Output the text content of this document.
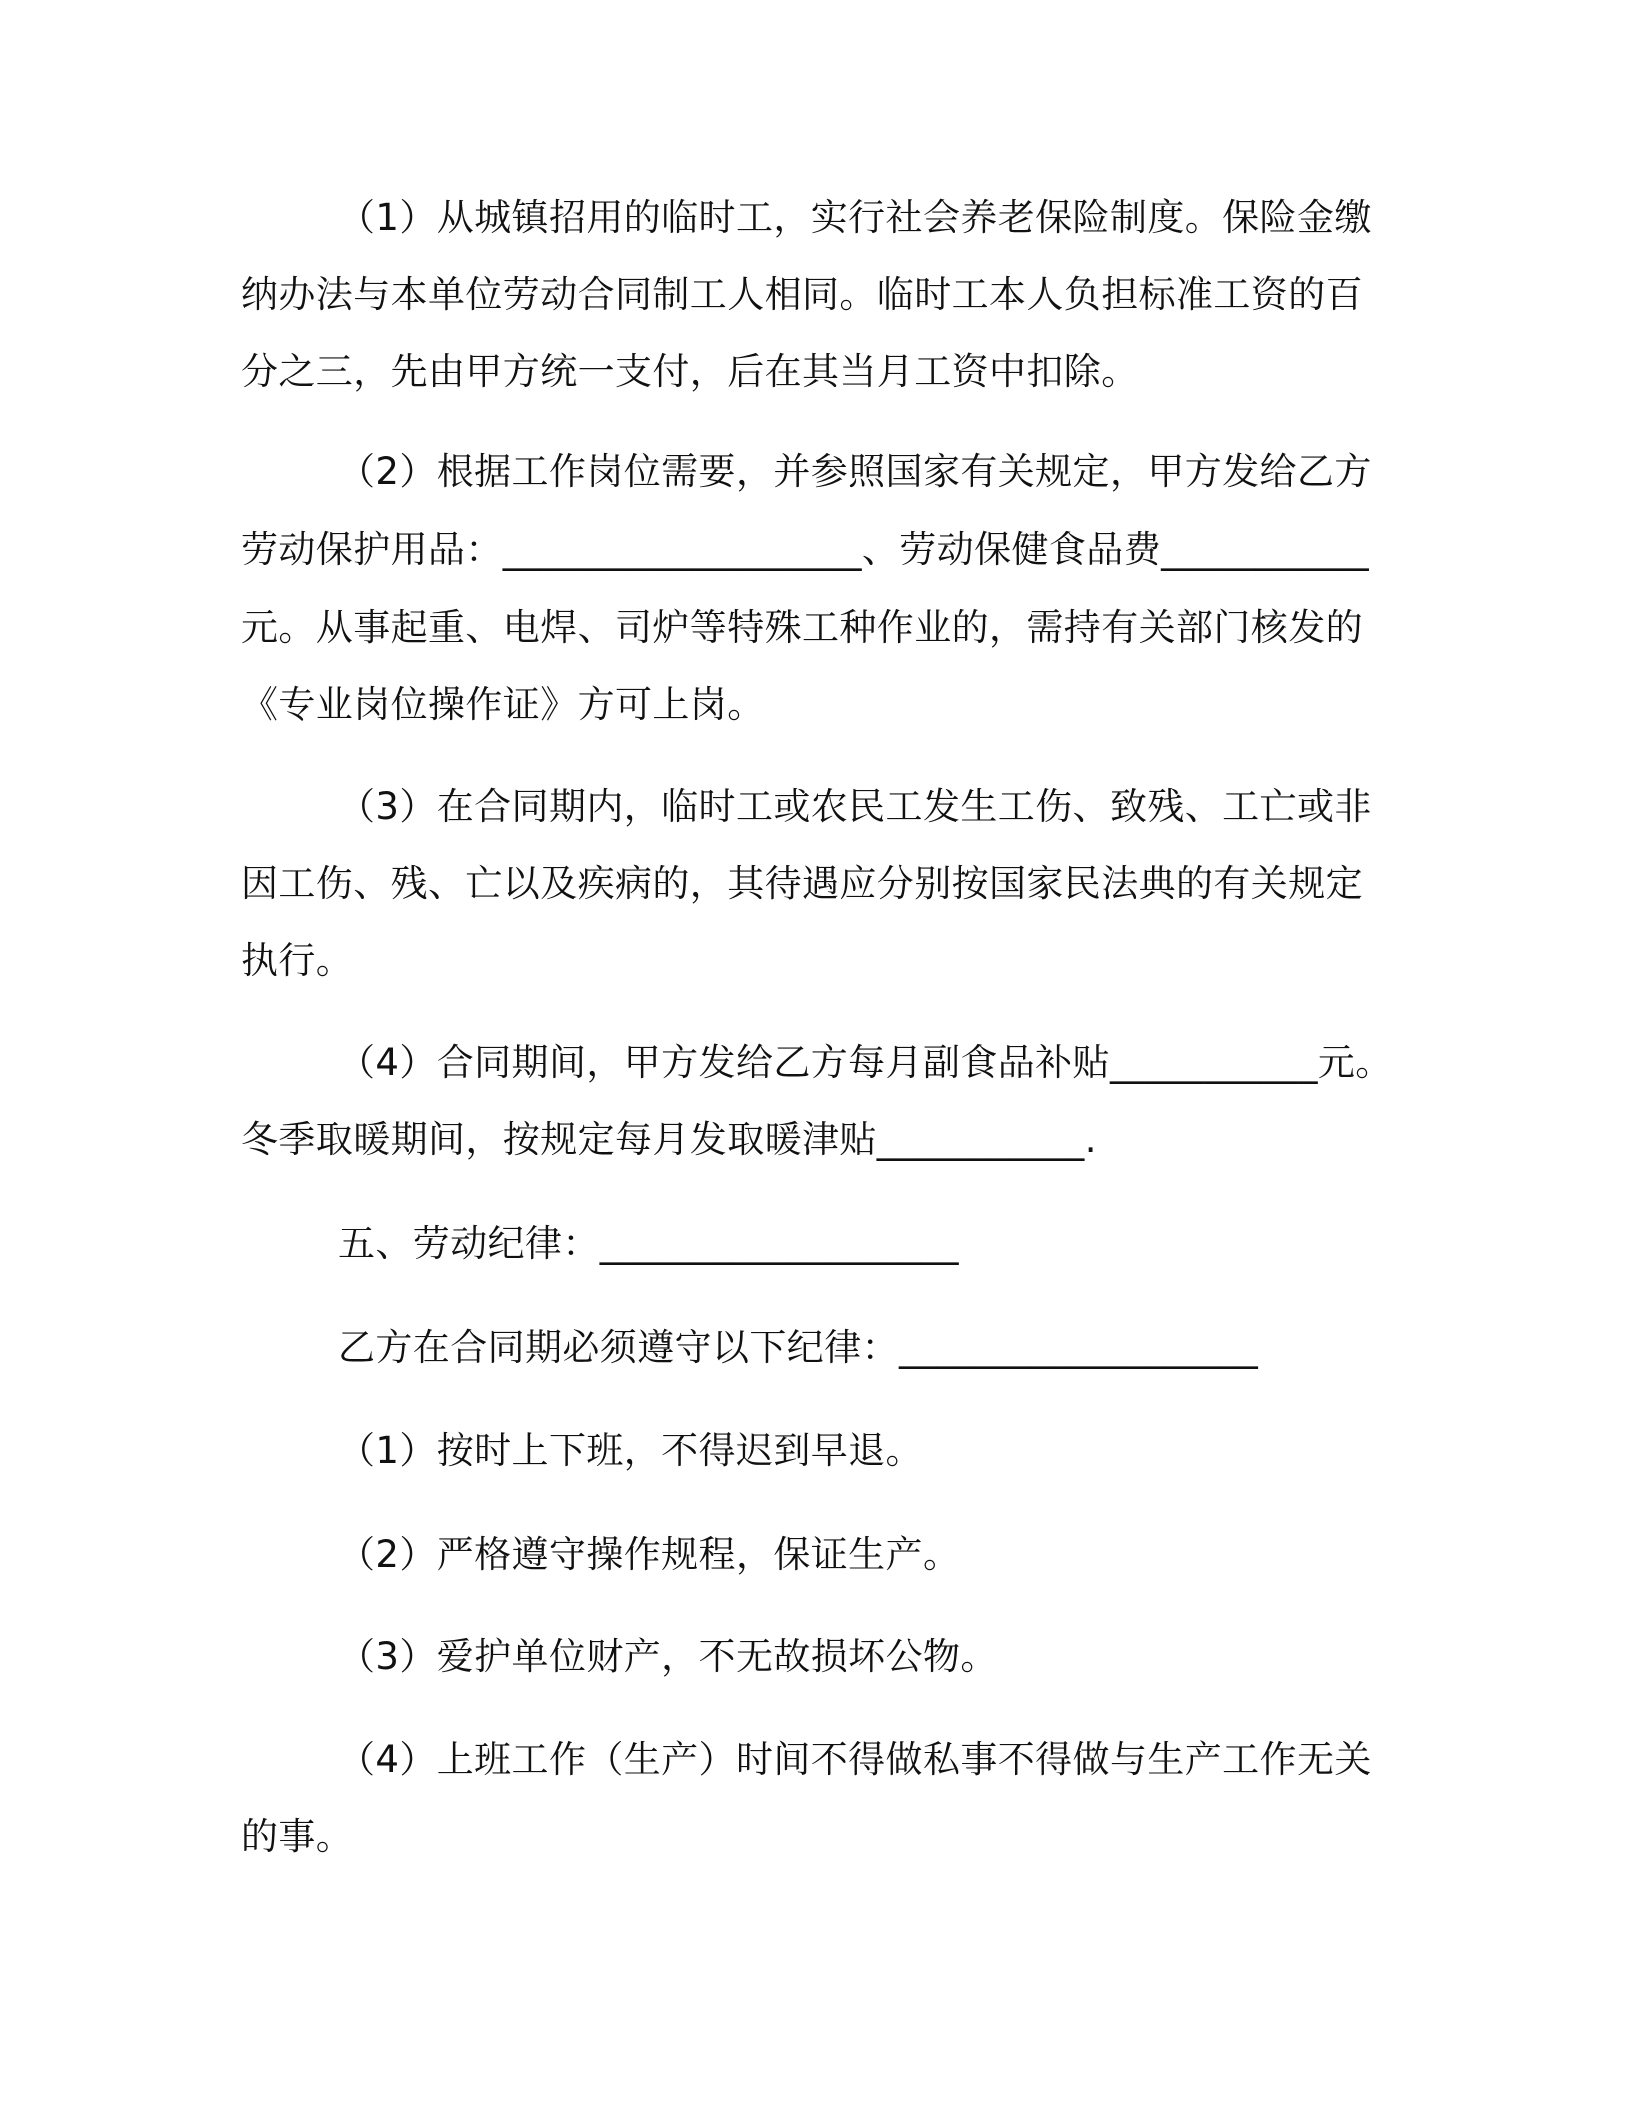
（1）从城镇招用的临时工，实行社会养老保险制度。保险金缴
纳办法与本单位劳动合同制工人相同。临时工本人负担标准工资的百
分之三，先由甲方统一支付，后在其当月工资中扣除。
（2）根据工作岗位需要，并参照国家有关规定，甲方发给乙方
劳动保护用品：___________________、劳动保健食品费___________
元。从事起重、电焊、司炉等特殊工种作业的，需持有关部门核发的
《专业岗位操作证》方可上岗。
（3）在合同期内，临时工或农民工发生工伤、致残、工亡或非
因工伤、残、亡以及疾病的，其待遇应分别按国家民法典的有关规定
执行。
（4）合同期间，甲方发给乙方每月副食品补贴___________元。
冬季取暖期间，按规定每月发取暖津贴___________.
五、劳动纪律：___________________
乙方在合同期必须遵守以下纪律：___________________
（1）按时上下班，不得迟到早退。
（2）严格遵守操作规程，保证生产。
（3）爱护单位财产，不无故损坏公物。
（4）上班工作（生产）时间不得做私事不得做与生产工作无关
的事。
